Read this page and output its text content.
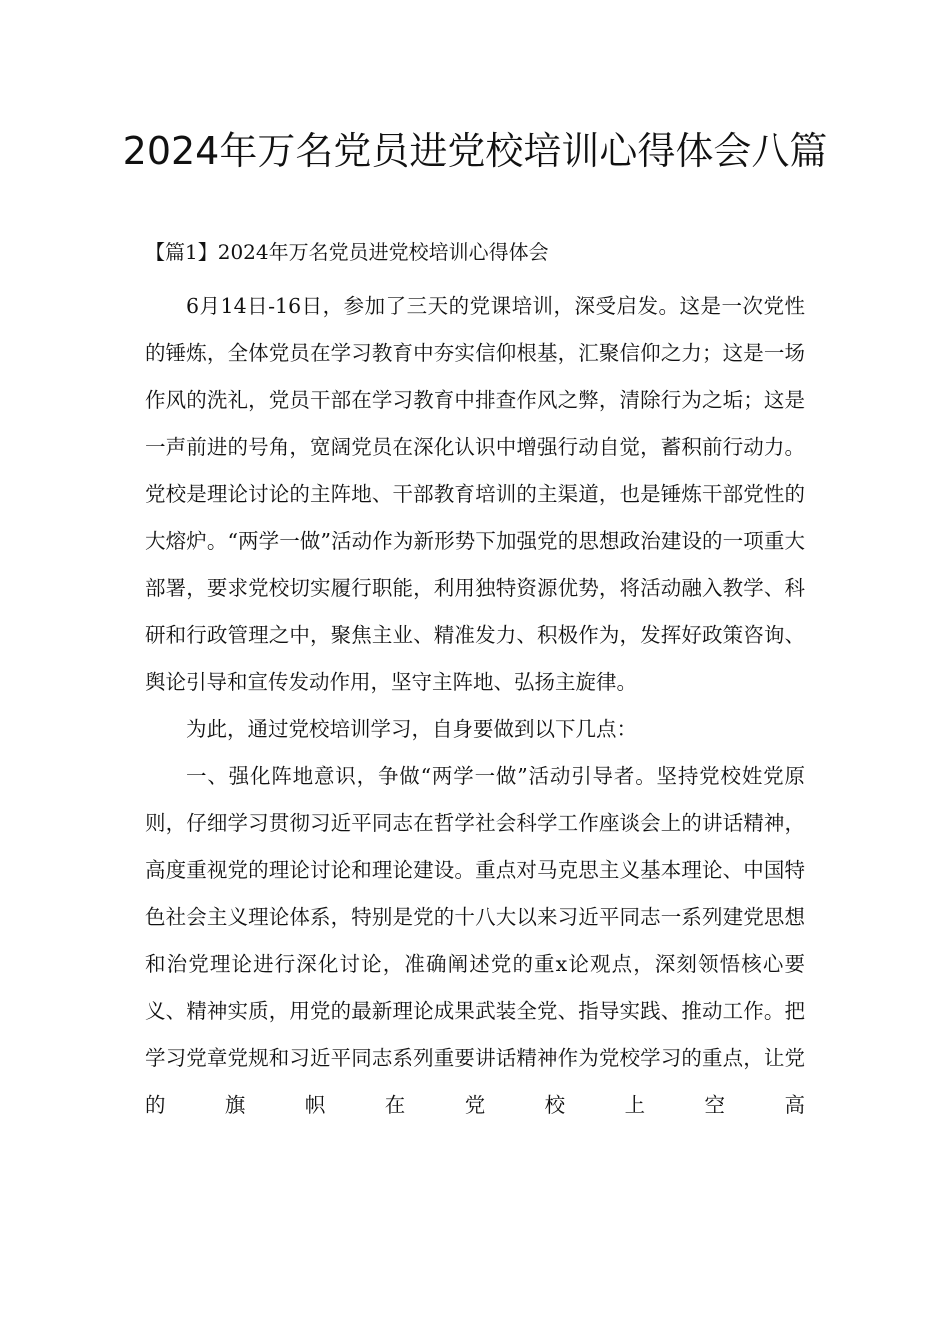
2024年万名党员进党校培训心得体会八篇
【篇1】2024年万名党员进党校培训心得体会

6月14日-16日，参加了三天的党课培训，深受启发。这是一次党性的锤炼，全体党员在学习教育中夯实信仰根基，汇聚信仰之力；这是一场作风的洗礼，党员干部在学习教育中排查作风之弊，清除行为之垢；这是一声前进的号角，宽阔党员在深化认识中增强行动自觉，蓄积前行动力。党校是理论讨论的主阵地、干部教育培训的主渠道，也是锤炼干部党性的大熔炉。“两学一做”活动作为新形势下加强党的思想政治建设的一项重大部署，要求党校切实履行职能，利用独特资源优势，将活动融入教学、科研和行政管理之中，聚焦主业、精准发力、积极作为，发挥好政策咨询、舆论引导和宣传发动作用，坚守主阵地、弘扬主旋律。

为此，通过党校培训学习，自身要做到以下几点：

一、强化阵地意识，争做“两学一做”活动引导者。坚持党校姓党原则，仔细学习贯彻习近平同志在哲学社会科学工作座谈会上的讲话精神，高度重视党的理论讨论和理论建设。重点对马克思主义基本理论、中国特色社会主义理论体系，特别是党的十八大以来习近平同志一系列建党思想和治党理论进行深化讨论，准确阐述党的重x论观点，深刻领悟核心要义、精神实质，用党的最新理论成果武装全党、指导实践、推动工作。把学习党章党规和习近平同志系列重要讲话精神作为党校学习的重点，让党的旗帜在党校上空高
